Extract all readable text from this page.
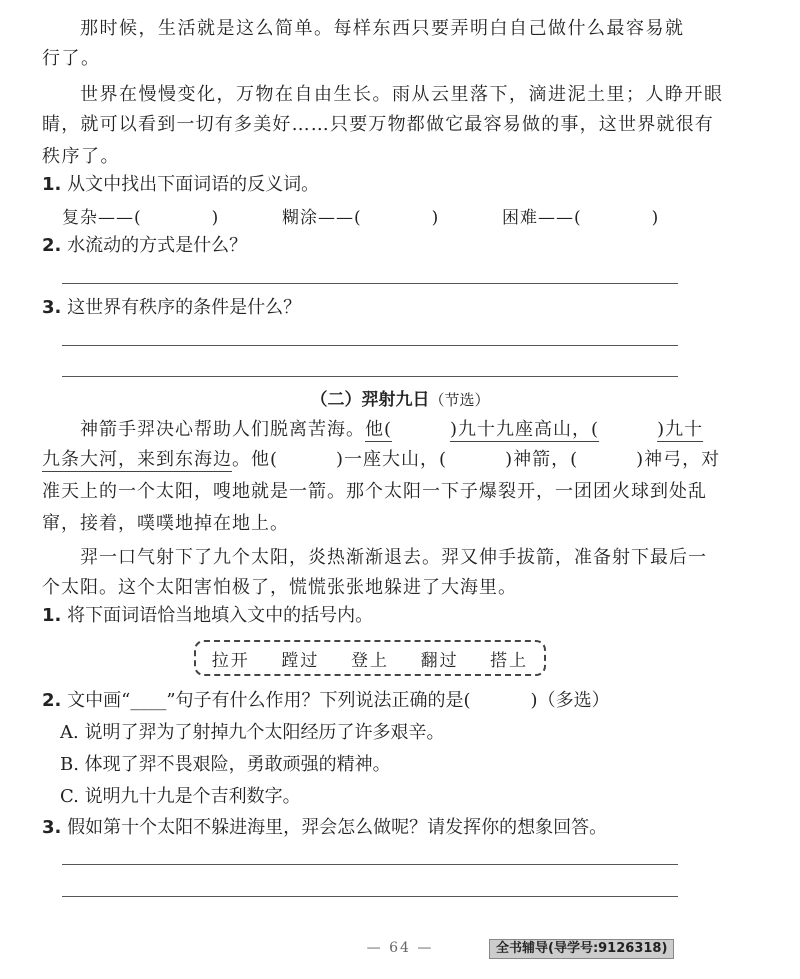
那时候，生活就是这么简单。每样东西只要弄明白自己做什么最容易就
行了。
世界在慢慢变化，万物在自由生长。雨从云里落下，滴进泥土里；人睁开眼
睛，就可以看到一切有多美好……只要万物都做它最容易做的事，这世界就很有
秩序了。
1. 从文中找出下面词语的反义词。
复杂——(	)	糊涂——(	)	困难——(	)
2. 水流动的方式是什么？
3. 这世界有秩序的条件是什么？
（二）羿射九日（节选）
神箭手羿决心帮助人们脱离苦海。他(	)九十九座高山，(	)九十
九条大河，来到东海边。他(	)一座大山，(	)神箭，(	)神弓，对
准天上的一个太阳，嗖地就是一箭。那个太阳一下子爆裂开，一团团火球到处乱
窜，接着，噗噗地掉在地上。
羿一口气射下了九个太阳，炎热渐渐退去。羿又伸手拔箭，准备射下最后一
个太阳。这个太阳害怕极了，慌慌张张地躲进了大海里。
1. 将下面词语恰当地填入文中的括号内。
拉开 蹚过 登上 翻过 搭上
2. 文中画“____”句子有什么作用？下列说法正确的是(	)（多选）
A. 说明了羿为了射掉九个太阳经历了许多艰辛。
B. 体现了羿不畏艰险，勇敢顽强的精神。
C. 说明九十九是个吉利数字。
3. 假如第十个太阳不躲进海里，羿会怎么做呢？请发挥你的想象回答。
— 64 —	全书辅导(导学号:9126318)
